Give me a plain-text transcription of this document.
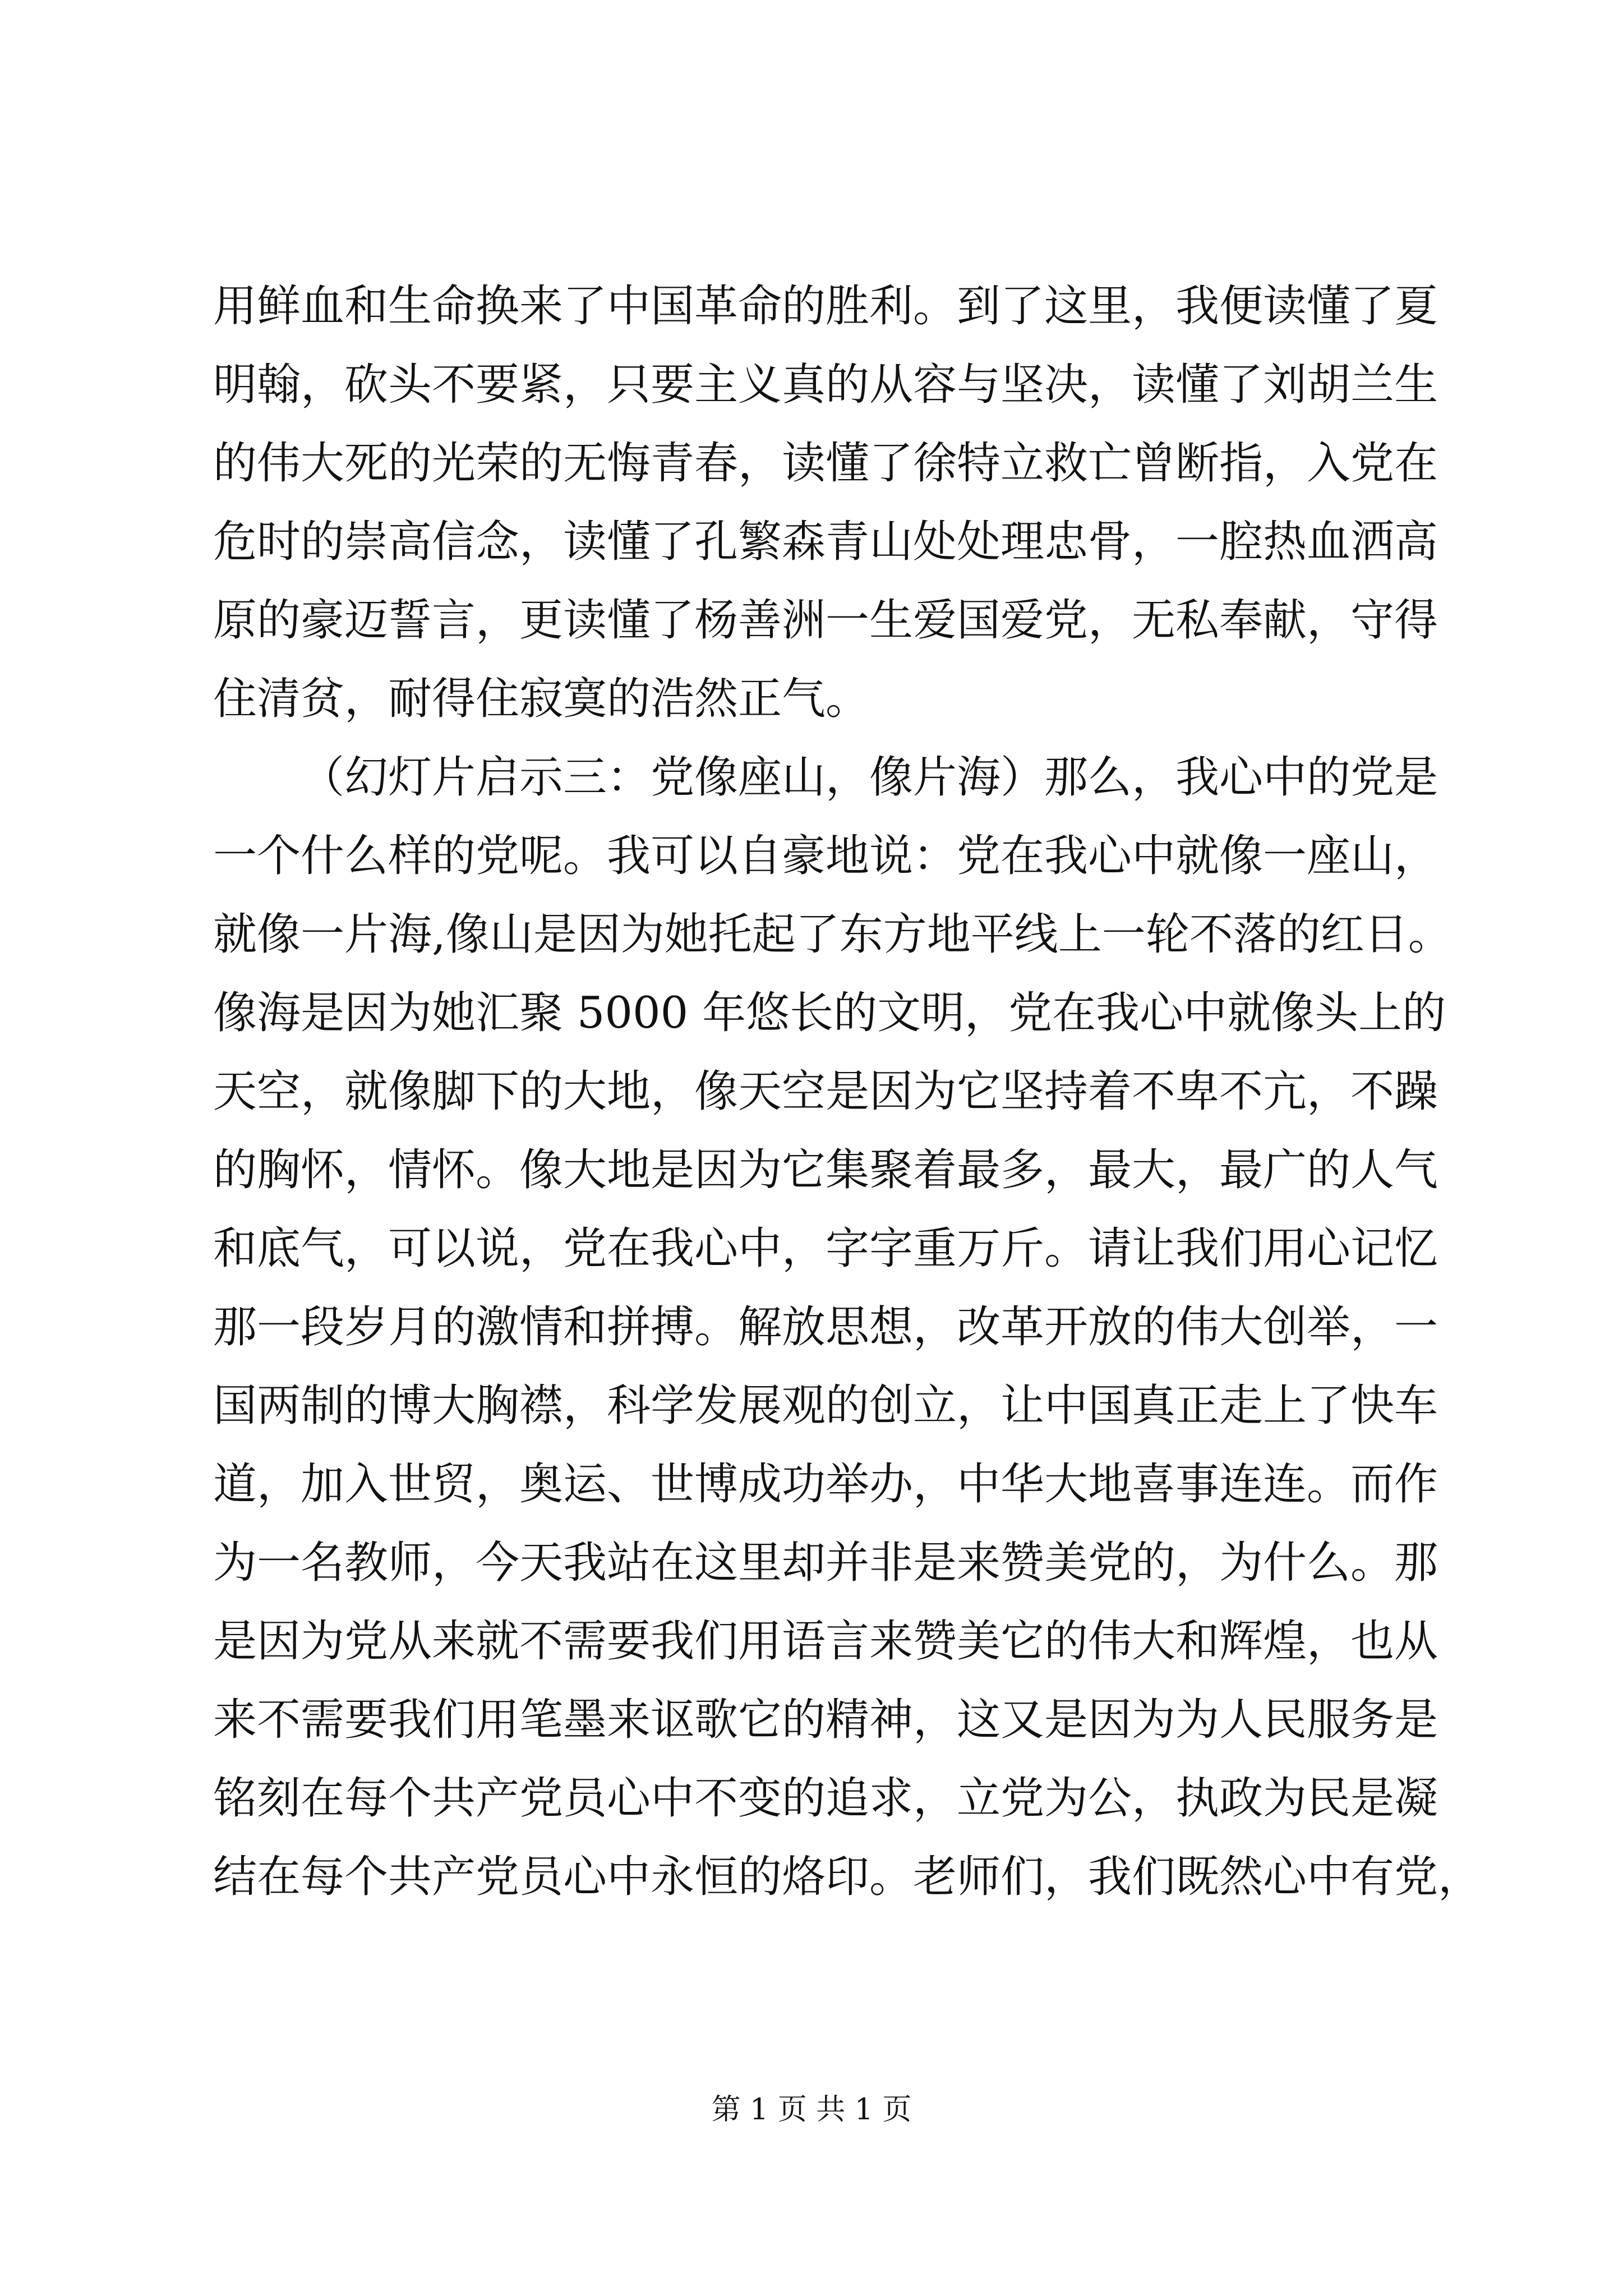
用鲜血和生命换来了中国革命的胜利。到了这里，我便读懂了夏
明翰，砍头不要紧，只要主义真的从容与坚决，读懂了刘胡兰生
的伟大死的光荣的无悔青春，读懂了徐特立救亡曾断指，入党在
危时的崇高信念，读懂了孔繁森青山处处理忠骨，一腔热血洒高
原的豪迈誓言，更读懂了杨善洲一生爱国爱党，无私奉献，守得
住清贫，耐得住寂寞的浩然正气。
（幻灯片启示三：党像座山，像片海）那么，我心中的党是
一个什么样的党呢。我可以自豪地说：党在我心中就像一座山，
就像一片海,像山是因为她托起了东方地平线上一轮不落的红日。
像海是因为她汇聚 5000 年悠长的文明，党在我心中就像头上的
天空，就像脚下的大地，像天空是因为它坚持着不卑不亢，不躁
的胸怀，情怀。像大地是因为它集聚着最多，最大，最广的人气
和底气，可以说，党在我心中，字字重万斤。请让我们用心记忆
那一段岁月的激情和拼搏。解放思想，改革开放的伟大创举，一
国两制的博大胸襟，科学发展观的创立，让中国真正走上了快车
道，加入世贸，奥运、世博成功举办，中华大地喜事连连。而作
为一名教师，今天我站在这里却并非是来赞美党的，为什么。那
是因为党从来就不需要我们用语言来赞美它的伟大和辉煌，也从
来不需要我们用笔墨来讴歌它的精神，这又是因为为人民服务是
铭刻在每个共产党员心中不变的追求，立党为公，执政为民是凝
结在每个共产党员心中永恒的烙印。老师们，我们既然心中有党，
第 1 页 共 1 页
